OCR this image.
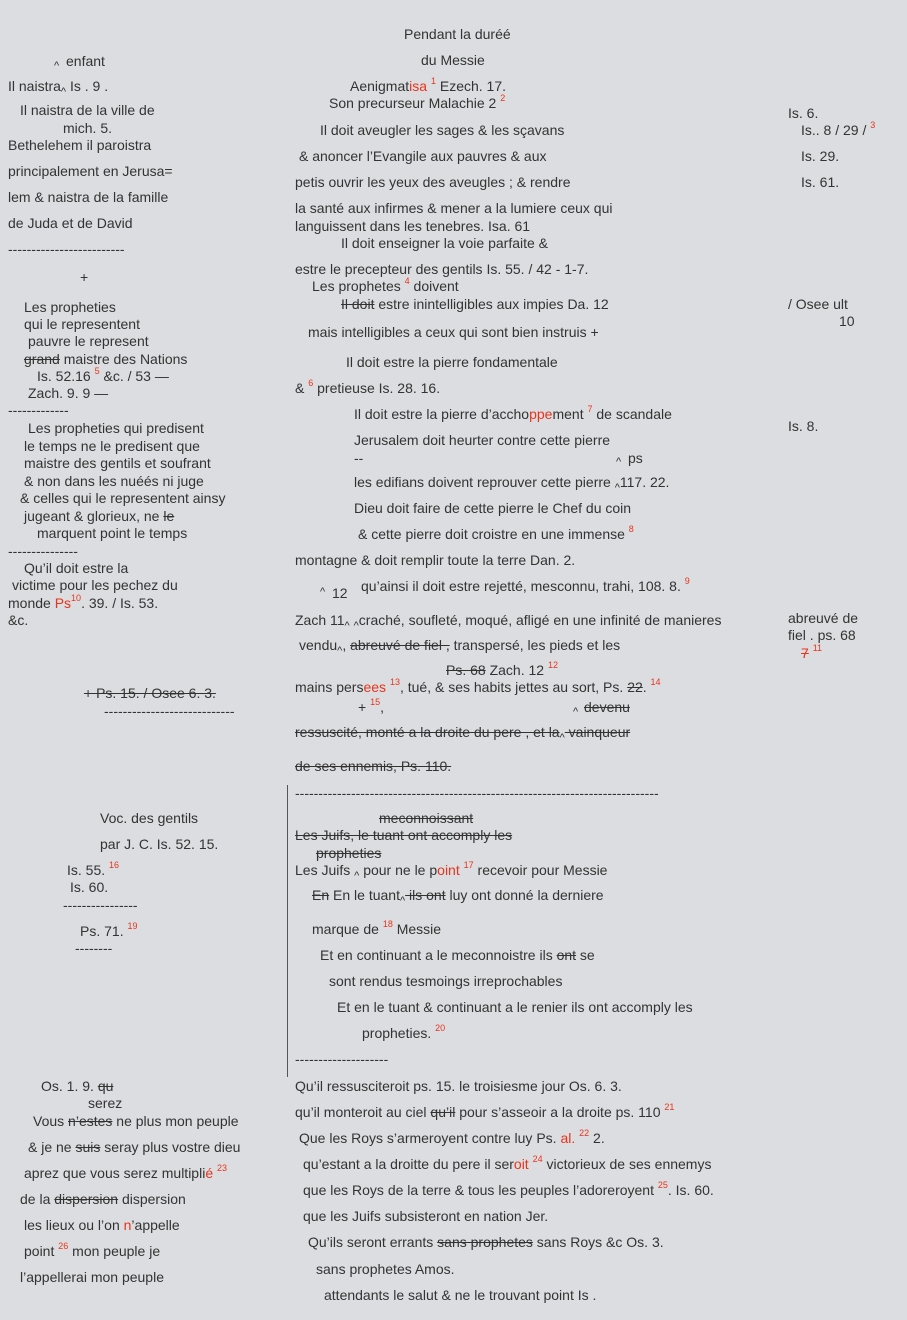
^ enfant
Il naistra$_{\^{}}$ Is . 9 .
Il naistra de la ville de
mich. 5.
Bethelehem il paroistra
principalement en Jerusa=
lem & naistra de la famille
de Juda et de David
-------------------------
+
Les propheties
qui le representent
pauvre le represent
grand maistre des Nations
Is. 52.16 $^5$ &c. / 53 —
Zach. 9. 9 —
-------------
Les propheties qui predisent
le temps ne le predisent que
maistre des gentils et soufrant
& non dans les nuéés ni juge
& celles qui le representent ainsy
jugeant & glorieux, ne le
marquent point le temps
---------------
Qu’il doit estre la
victime pour les pechez du
monde Ps$^{10}$. 39. / Is. 53.
&c.
+ Ps. 15. / Osee 6. 3.
----------------------------
Voc. des gentils
par J. C. Is. 52. 15.
Is. 55. $^{16}$
Is. 60.
----------------
Ps. 71. $^{19}$
--------
Os. 1. 9. qu
serez
Vous n’estes ne plus mon peuple
& je ne suis seray plus vostre dieu
aprez que vous serez multiplié $^{23}$
de la dispersion dispersion
les lieux ou l’on n’appelle
point $^{26}$ mon peuple je
l’appellerai mon peuple
Pendant la duréé
du Messie
Aenigmatisa $^1$ Ezech. 17.
Son precurseur Malachie 2 $^2$
Il doit aveugler les sages & les sçavans
& anoncer l’Evangile aux pauvres & aux
petis ouvrir les yeux des aveugles ; & rendre
la santé aux infirmes & mener a la lumiere ceux qui
languissent dans les tenebres. Isa. 61
Il doit enseigner la voie parfaite &
estre le precepteur des gentils Is. 55. / 42 - 1-7.
Les prophetes $^4$ doivent
Il doit estre inintelligibles aux impies Da. 12
mais intelligibles a ceux qui sont bien instruis +
Il doit estre la pierre fondamentale
& $^6$ pretieuse Is. 28. 16.
Il doit estre la pierre d’acchoppement $^7$ de scandale
Jerusalem doit heurter contre cette pierre
--	^ ps
les edifians doivent reprouver cette pierre $_{\^{}}$117. 22.
Dieu doit faire de cette pierre le Chef du coin
& cette pierre doit croistre en une immense $^8$
montagne & doit remplir toute la terre Dan. 2.
^ 12 qu’ainsi il doit estre rejetté, mesconnu, trahi, 108. 8. $^9$
Zach $11_{\^{}}$ $_{\^{}}$craché, soufleté, moqué, afligé en une infinité de manieres
vendu$_{\^{}}$, abreuvé de fiel , transpersé, les pieds et les
Ps. 68 Zach. 12 $^{12}$
mains persees $^{13}$, tué, & ses habits jettes au sort, Ps. 22. $^{14}$
+ $^{15}$,	^ devenu
ressuscité, monté a la droite du pere , et $la_{\^{}}$ vainqueur
de ses ennemis, Ps. 110.
------------------------------------------------------------------------------
meconnoissant
Les Juifs, le tuant ont accomply les
propheties
Les Juifs $_{\^{}}$ pour ne le point $^{17}$ recevoir pour Messie
En En le tuant$_{\^{}}$ ils ont luy ont donné la derniere
marque de $^{18}$ Messie
Et en continuant a le meconnoistre ils ont se
sont rendus tesmoings irreprochables
Et en le tuant & continuant a le renier ils ont accomply les
propheties. $^{20}$
--------------------
Qu’il ressusciteroit ps. 15. le troisiesme jour Os. 6. 3.
qu’il monteroit au ciel qu’il pour s’asseoir a la droite ps. 110 $^{21}$
Que les Roys s’armeroyent contre luy Ps. al. $^{22}$ 2.
qu’estant a la droitte du pere il seroit $^{24}$ victorieux de ses ennemys
que les Roys de la terre & tous les peuples l’adoreroyent $^{25}$. Is. 60.
que les Juifs subsisteront en nation Jer.
Qu’ils seront errants sans prophetes sans Roys &c Os. 3.
sans prophetes Amos.
attendants le salut & ne le trouvant point Is .
Is. 6.
Is.. 8 / 29 / $^3$
Is. 29.
Is. 61.
/ Osee ult
10
Is. 8.
abreuvé de
fiel . ps. 68
7 $^{11}$
